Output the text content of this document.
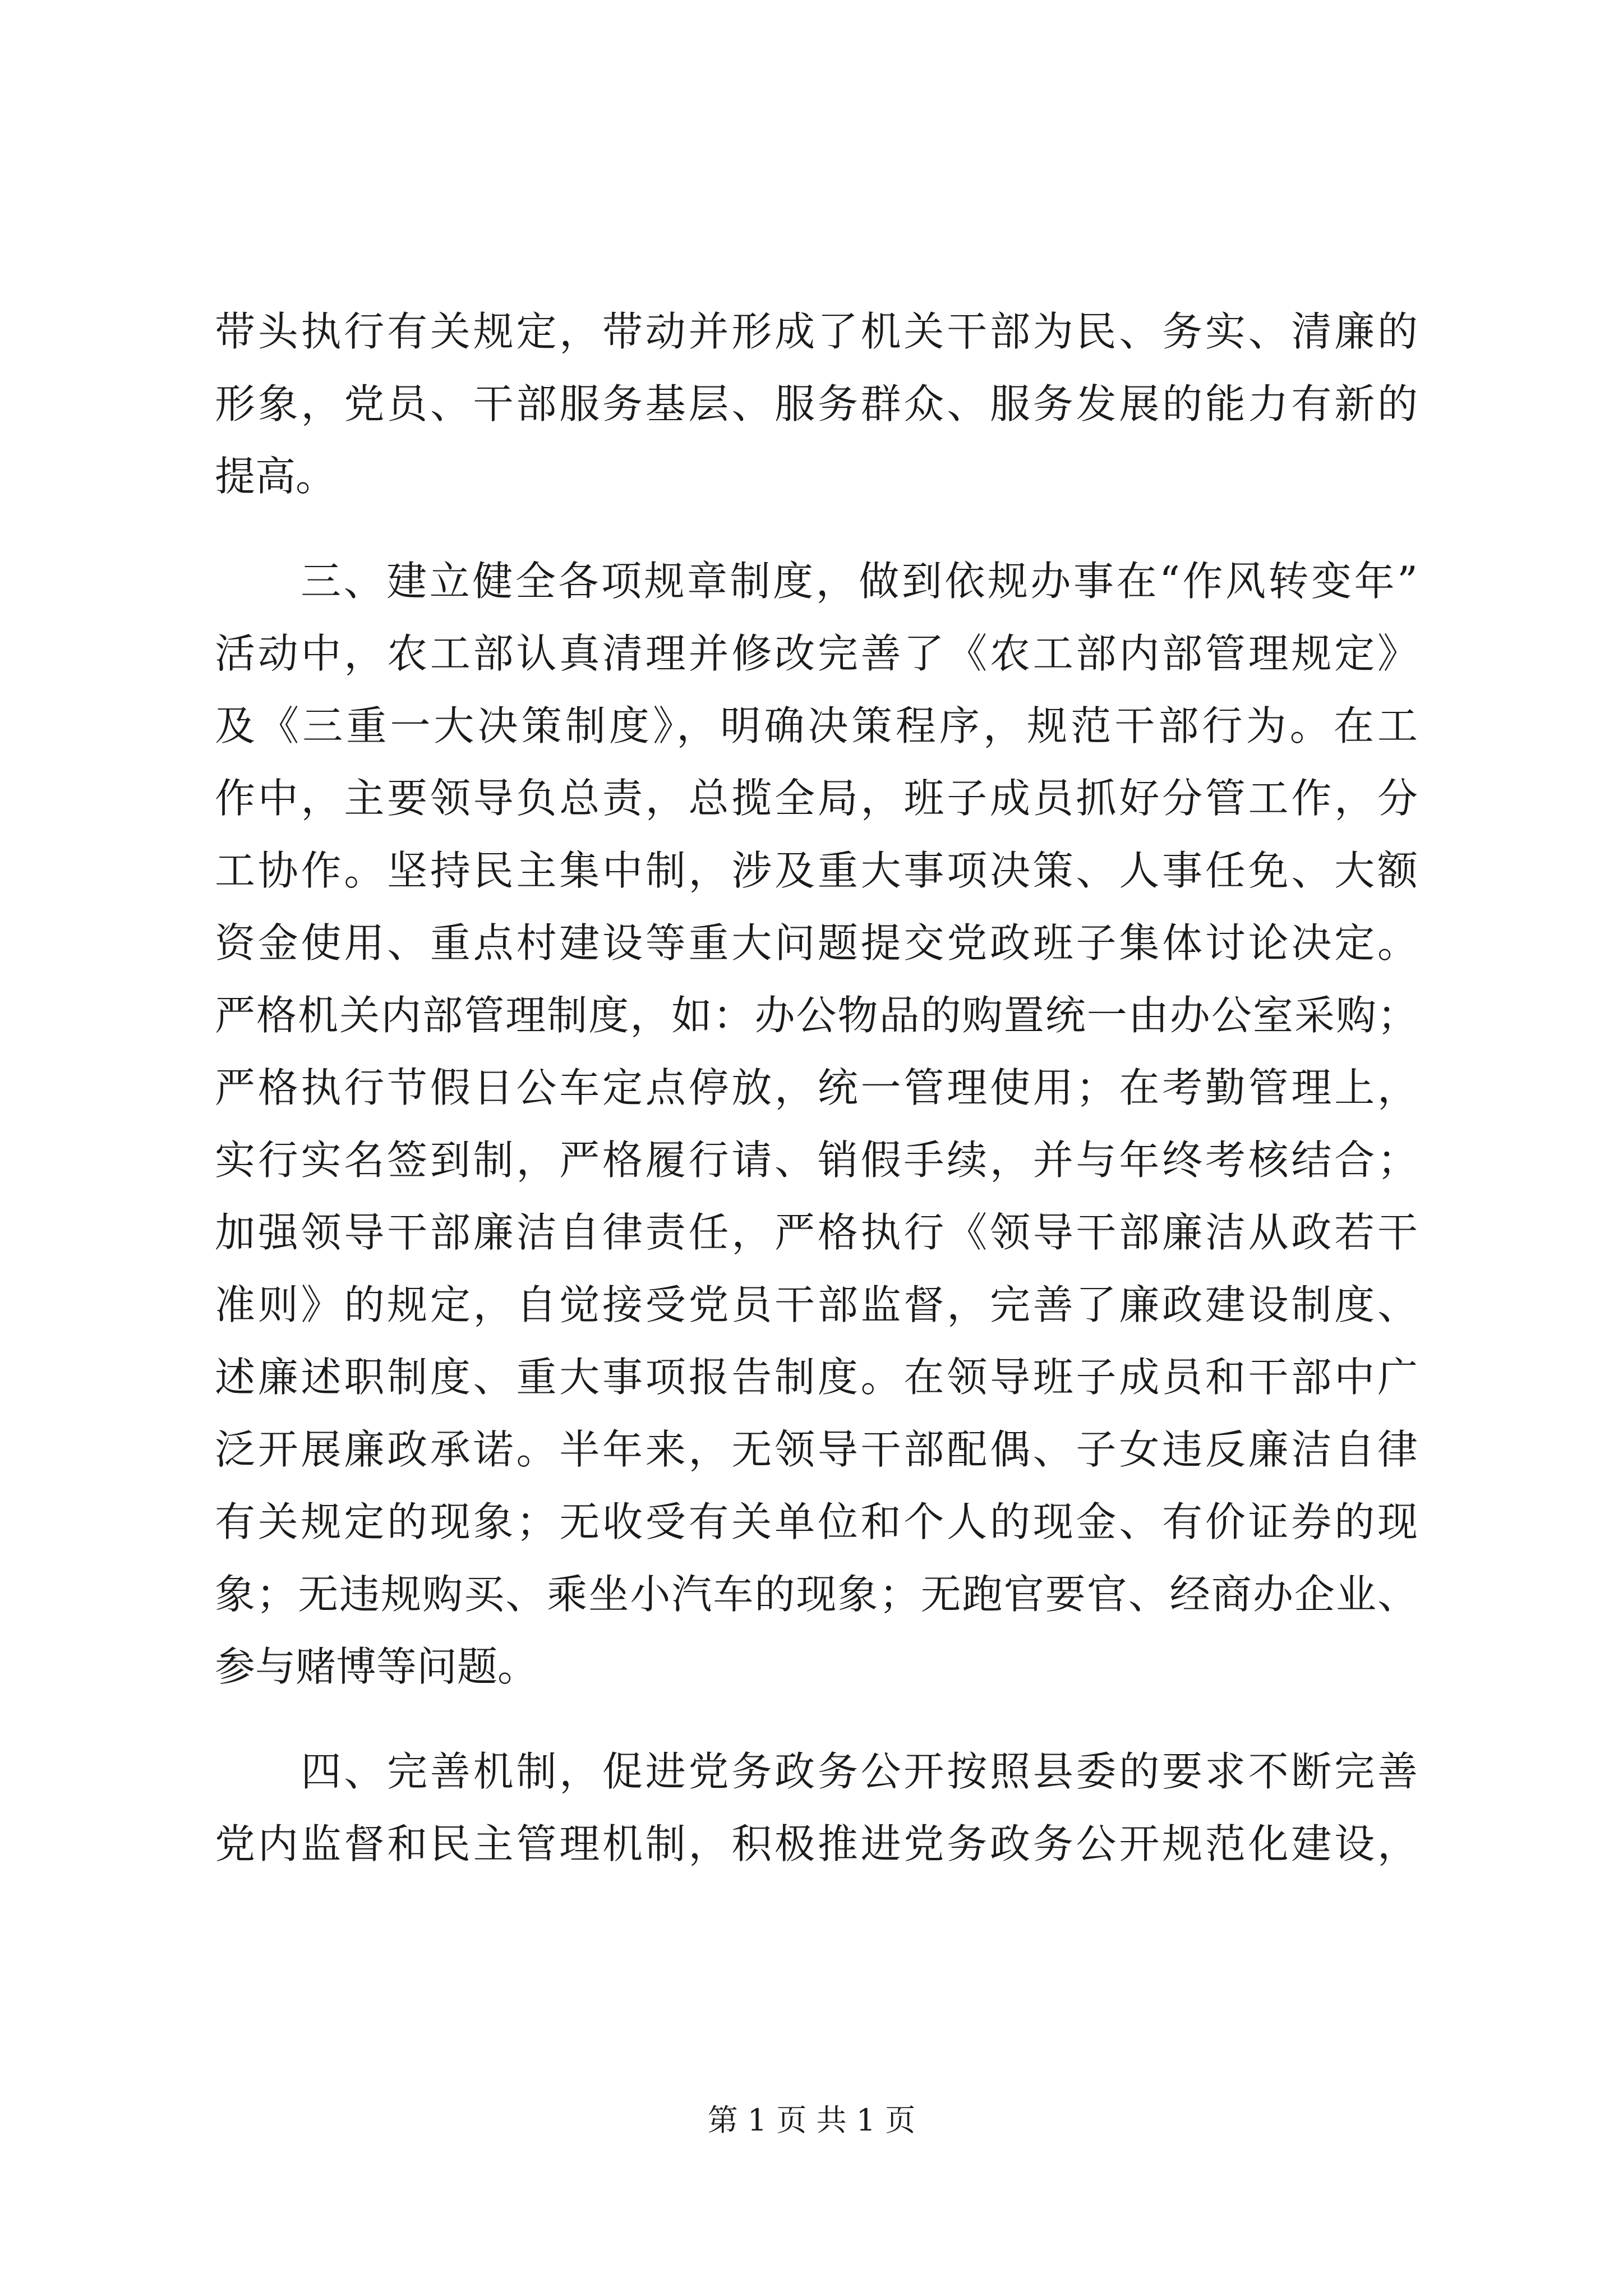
带头执行有关规定，带动并形成了机关干部为民、务实、清廉的
形象，党员、干部服务基层、服务群众、服务发展的能力有新的
提高。
　　三、建立健全各项规章制度，做到依规办事在“作风转变年”
活动中，农工部认真清理并修改完善了《农工部内部管理规定》
及《三重一大决策制度》，明确决策程序，规范干部行为。在工
作中，主要领导负总责，总揽全局，班子成员抓好分管工作，分
工协作。坚持民主集中制，涉及重大事项决策、人事任免、大额
资金使用、重点村建设等重大问题提交党政班子集体讨论决定。
严格机关内部管理制度，如：办公物品的购置统一由办公室采购；
严格执行节假日公车定点停放，统一管理使用；在考勤管理上，
实行实名签到制，严格履行请、销假手续，并与年终考核结合；
加强领导干部廉洁自律责任，严格执行《领导干部廉洁从政若干
准则》的规定，自觉接受党员干部监督，完善了廉政建设制度、
述廉述职制度、重大事项报告制度。在领导班子成员和干部中广
泛开展廉政承诺。半年来，无领导干部配偶、子女违反廉洁自律
有关规定的现象；无收受有关单位和个人的现金、有价证券的现
象；无违规购买、乘坐小汽车的现象；无跑官要官、经商办企业、
参与赌博等问题。
　　四、完善机制，促进党务政务公开按照县委的要求不断完善
党内监督和民主管理机制，积极推进党务政务公开规范化建设，
第 1 页 共 1 页
